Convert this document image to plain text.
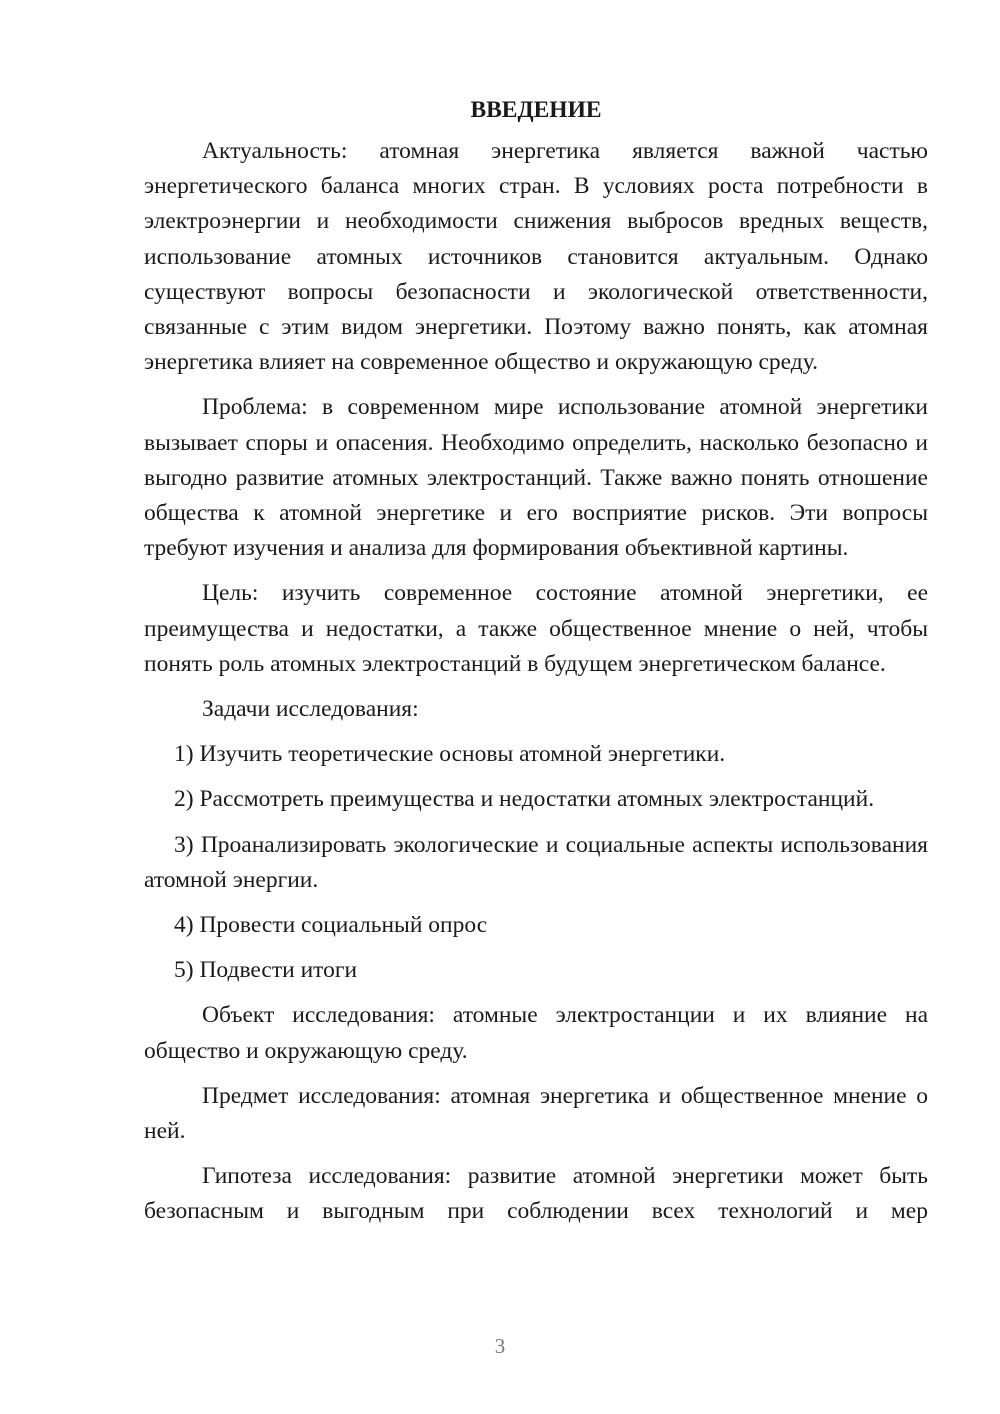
ВВЕДЕНИЕ

Актуальность: атомная энергетика является важной частью энергетического баланса многих стран. В условиях роста потребности в электроэнергии и необходимости снижения выбросов вредных веществ, использование атомных источников становится актуальным. Однако существуют вопросы безопасности и экологической ответственности, связанные с этим видом энергетики. Поэтому важно понять, как атомная энергетика влияет на современное общество и окружающую среду.

Проблема: в современном мире использование атомной энергетики вызывает споры и опасения. Необходимо определить, насколько безопасно и выгодно развитие атомных электростанций. Также важно понять отношение общества к атомной энергетике и его восприятие рисков. Эти вопросы требуют изучения и анализа для формирования объективной картины.

Цель: изучить современное состояние атомной энергетики, ее преимущества и недостатки, а также общественное мнение о ней, чтобы понять роль атомных электростанций в будущем энергетическом балансе.

Задачи исследования:

1) Изучить теоретические основы атомной энергетики.

2) Рассмотреть преимущества и недостатки атомных электростанций.

3) Проанализировать экологические и социальные аспекты использования атомной энергии.

4) Провести социальный опрос

5) Подвести итоги

Объект исследования: атомные электростанции и их влияние на общество и окружающую среду.

Предмет исследования: атомная энергетика и общественное мнение о ней.

Гипотеза исследования: развитие атомной энергетики может быть безопасным и выгодным при соблюдении всех технологий и мер

3
